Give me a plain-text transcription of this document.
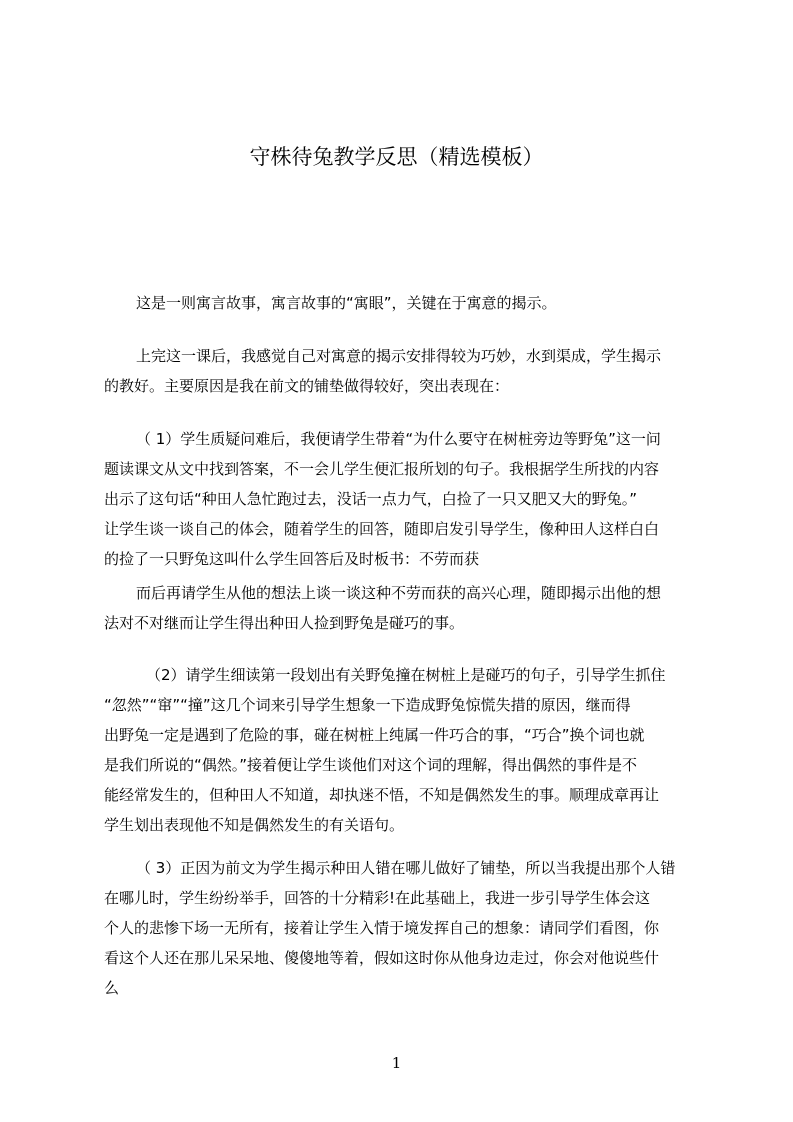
守株待兔教学反思（精选模板）
这是一则寓言故事，寓言故事的“寓眼”，关键在于寓意的揭示。
上完这一课后，我感觉自己对寓意的揭示安排得较为巧妙，水到渠成，学生揭示
的教好。主要原因是我在前文的铺垫做得较好，突出表现在：
（ 1）学生质疑问难后，我便请学生带着“为什么要守在树桩旁边等野兔”这一问
题读课文从文中找到答案，不一会儿学生便汇报所划的句子。我根据学生所找的内容
出示了这句话“种田人急忙跑过去，没话一点力气，白捡了一只又肥又大的野兔。”
让学生谈一谈自己的体会，随着学生的回答，随即启发引导学生，像种田人这样白白
的捡了一只野兔这叫什么学生回答后及时板书：不劳而获
而后再请学生从他的想法上谈一谈这种不劳而获的高兴心理，随即揭示出他的想
法对不对继而让学生得出种田人捡到野兔是碰巧的事。
（2）请学生细读第一段划出有关野兔撞在树桩上是碰巧的句子，引导学生抓住
“忽然”“窜”“撞”这几个词来引导学生想象一下造成野兔惊慌失措的原因，继而得
出野兔一定是遇到了危险的事，碰在树桩上纯属一件巧合的事，“巧合”换个词也就
是我们所说的“偶然。”接着便让学生谈他们对这个词的理解，得出偶然的事件是不
能经常发生的，但种田人不知道，却执迷不悟，不知是偶然发生的事。顺理成章再让
学生划出表现他不知是偶然发生的有关语句。
（ 3）正因为前文为学生揭示种田人错在哪儿做好了铺垫，所以当我提出那个人错
在哪儿时，学生纷纷举手，回答的十分精彩!在此基础上，我进一步引导学生体会这
个人的悲惨下场一无所有，接着让学生入情于境发挥自己的想象：请同学们看图，你
看这个人还在那儿呆呆地、傻傻地等着，假如这时你从他身边走过，你会对他说些什
么
1
